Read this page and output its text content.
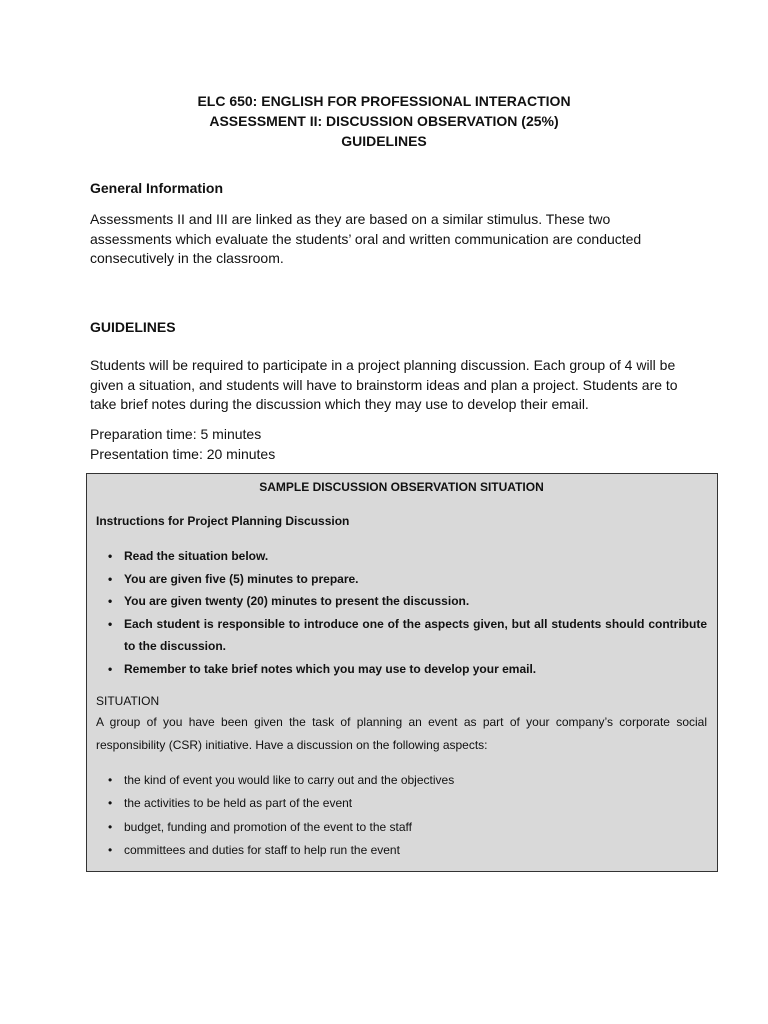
ELC 650: ENGLISH FOR PROFESSIONAL INTERACTION
ASSESSMENT II: DISCUSSION OBSERVATION (25%)
GUIDELINES
General Information
Assessments II and III are linked as they are based on a similar stimulus. These two assessments which evaluate the students’ oral and written communication are conducted consecutively in the classroom.
GUIDELINES
Students will be required to participate in a project planning discussion. Each group of 4 will be given a situation, and students will have to brainstorm ideas and plan a project. Students are to take brief notes during the discussion which they may use to develop their email.
Preparation time: 5 minutes
Presentation time: 20 minutes
SAMPLE DISCUSSION OBSERVATION SITUATION
Instructions for Project Planning Discussion
• Read the situation below.
• You are given five (5) minutes to prepare.
• You are given twenty (20) minutes to present the discussion.
• Each student is responsible to introduce one of the aspects given, but all students should contribute to the discussion.
• Remember to take brief notes which you may use to develop your email.
SITUATION
A group of you have been given the task of planning an event as part of your company’s corporate social responsibility (CSR) initiative. Have a discussion on the following aspects:
• the kind of event you would like to carry out and the objectives
• the activities to be held as part of the event
• budget, funding and promotion of the event to the staff
• committees and duties for staff to help run the event
